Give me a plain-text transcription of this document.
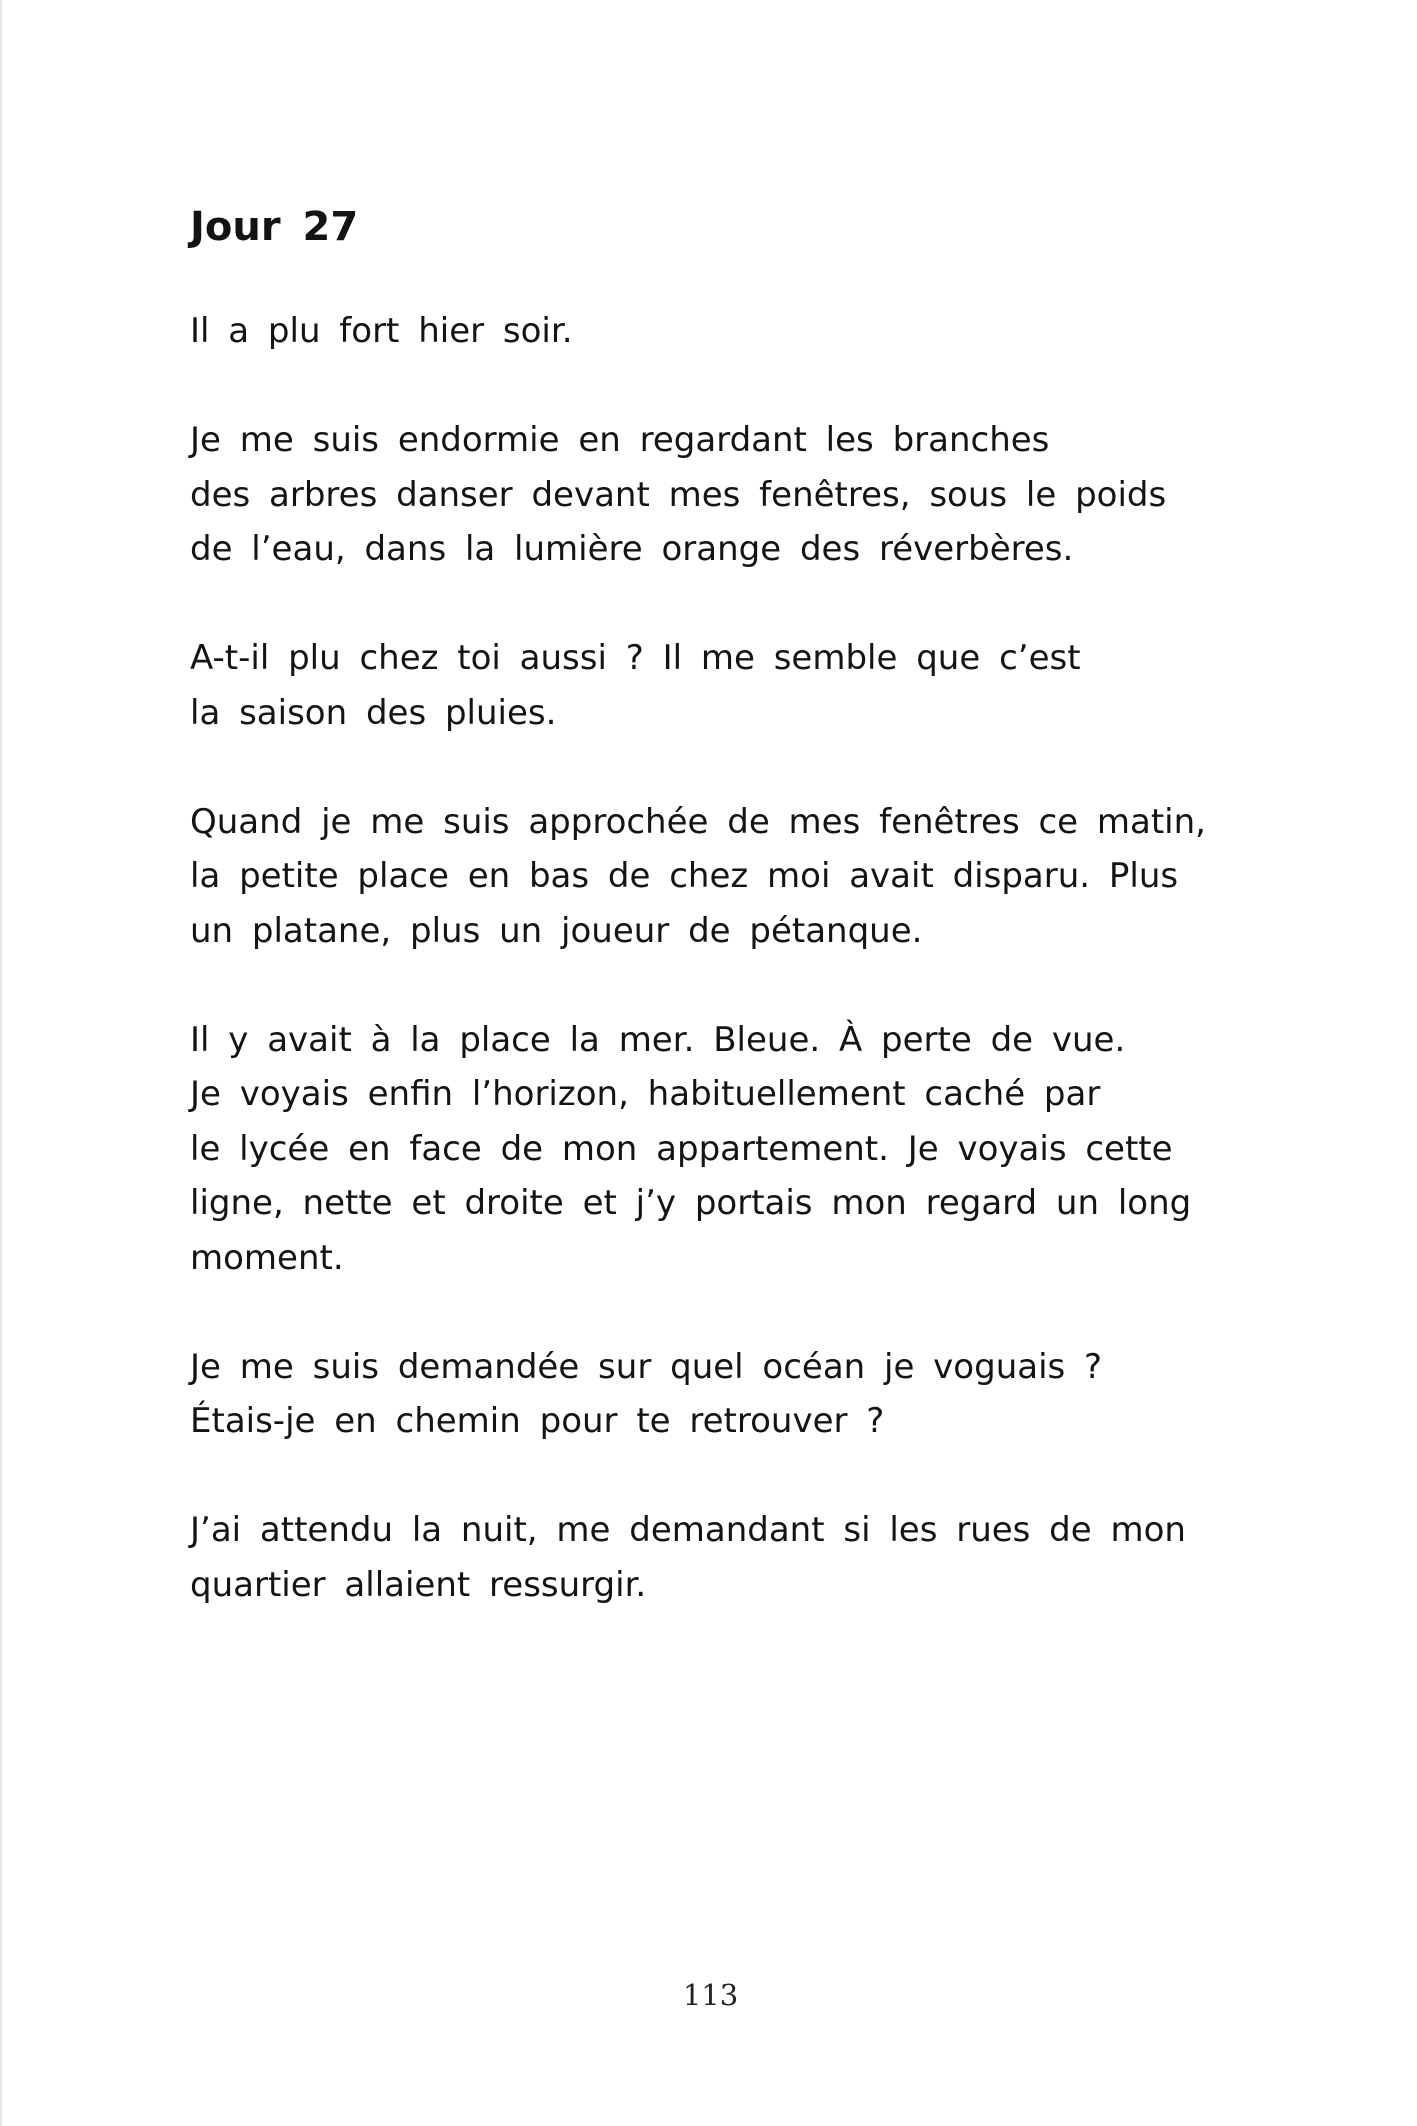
Jour 27

Il a plu fort hier soir.

Je me suis endormie en regardant les branches
des arbres danser devant mes fenêtres, sous le poids
de l’eau, dans la lumière orange des réverbères.

A-t-il plu chez toi aussi ? Il me semble que c’est
la saison des pluies.

Quand je me suis approchée de mes fenêtres ce matin,
la petite place en bas de chez moi avait disparu. Plus
un platane, plus un joueur de pétanque.

Il y avait à la place la mer. Bleue. À perte de vue.
Je voyais enfin l’horizon, habituellement caché par
le lycée en face de mon appartement. Je voyais cette
ligne, nette et droite et j’y portais mon regard un long
moment.

Je me suis demandée sur quel océan je voguais ?
Étais-je en chemin pour te retrouver ?

J’ai attendu la nuit, me demandant si les rues de mon
quartier allaient ressurgir.

113
